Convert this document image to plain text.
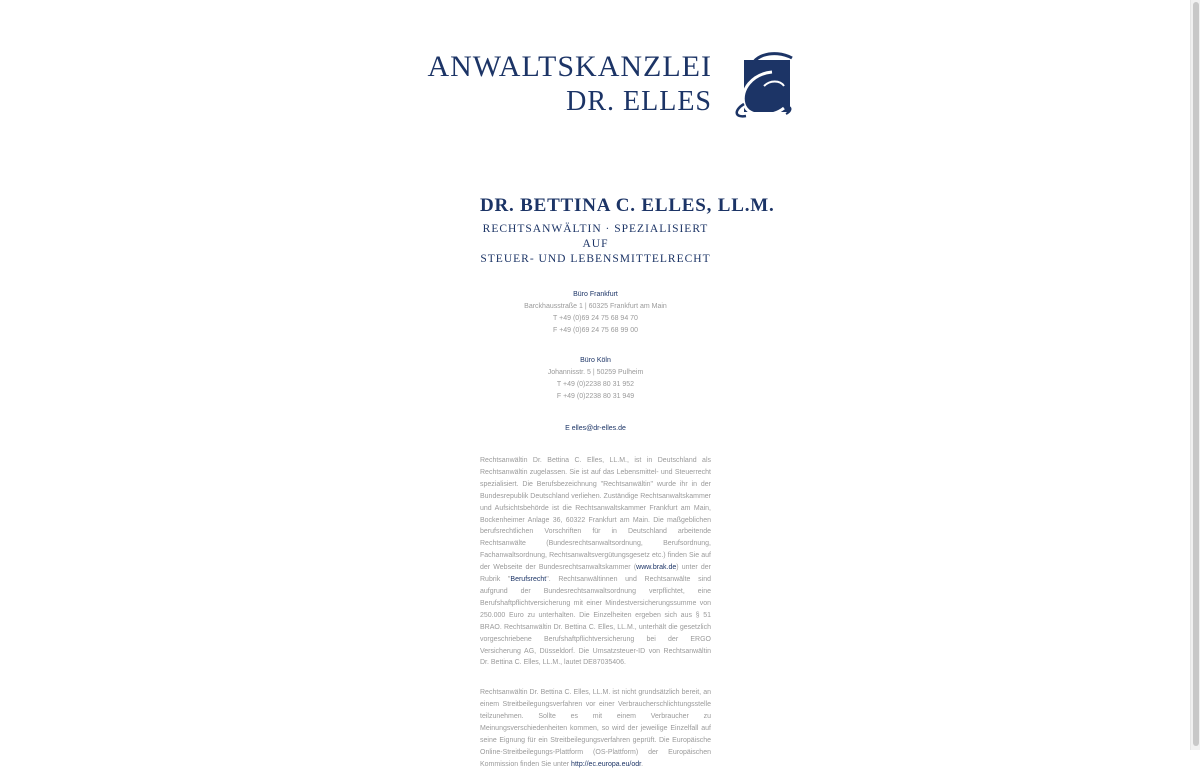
ANWALTSKANZLEI
DR. ELLES
DR. BETTINA C. ELLES, LL.M.
RECHTSANWÄLTIN · SPEZIALISIERT AUF
STEUER- UND LEBENSMITTELRECHT
Büro Frankfurt
Barckhausstraße 1 | 60325 Frankfurt am Main
T +49 (0)69 24 75 68 94 70
F +49 (0)69 24 75 68 99 00
Büro Köln
Johannisstr. 5 | 50259 Pulheim
T +49 (0)2238 80 31 952
F +49 (0)2238 80 31 949
E elles@dr-elles.de

Rechtsanwältin Dr. Bettina C. Elles, LL.M., ist in Deutschland als Rechtsanwältin zugelassen. Sie ist auf das Lebensmittel- und Steuerrecht spezialisiert. Die Berufsbezeichnung "Rechtsanwältin" wurde ihr in der Bundesrepublik Deutschland verliehen. Zuständige Rechtsanwaltskammer und Aufsichtsbehörde ist die Rechtsanwaltskammer Frankfurt am Main, Bockenheimer Anlage 36, 60322 Frankfurt am Main. Die maßgeblichen berufsrechtlichen Vorschriften für in Deutschland arbeitende Rechtsanwälte (Bundesrechtsanwaltsordnung, Berufsordnung, Fachanwaltsordnung, Rechtsanwaltsvergütungsgesetz etc.) finden Sie auf der Webseite der Bundesrechtsanwaltskammer (www.brak.de) unter der Rubrik "Berufsrecht". Rechtsanwältinnen und Rechtsanwälte sind aufgrund der Bundesrechtsanwaltsordnung verpflichtet, eine Berufshaftpflichtversicherung mit einer Mindestversicherungssumme von 250.000 Euro zu unterhalten. Die Einzelheiten ergeben sich aus § 51 BRAO. Rechtsanwältin Dr. Bettina C. Elles, LL.M., unterhält die gesetzlich vorgeschriebene Berufshaftpflichtversicherung bei der ERGO Versicherung AG, Düsseldorf. Die Umsatzsteuer-ID von Rechtsanwältin Dr. Bettina C. Elles, LL.M., lautet DE87035406.

Rechtsanwältin Dr. Bettina C. Elles, LL.M. ist nicht grundsätzlich bereit, an einem Streitbeilegungsverfahren vor einer Verbraucherschlichtungsstelle teilzunehmen. Sollte es mit einem Verbraucher zu Meinungsverschiedenheiten kommen, so wird der jeweilige Einzelfall auf seine Eignung für ein Streitbeilegungsverfahren geprüft. Die Europäische Online-Streitbeilegungs-Plattform (OS-Plattform) der Europäischen Kommission finden Sie unter http://ec.europa.eu/odr.
